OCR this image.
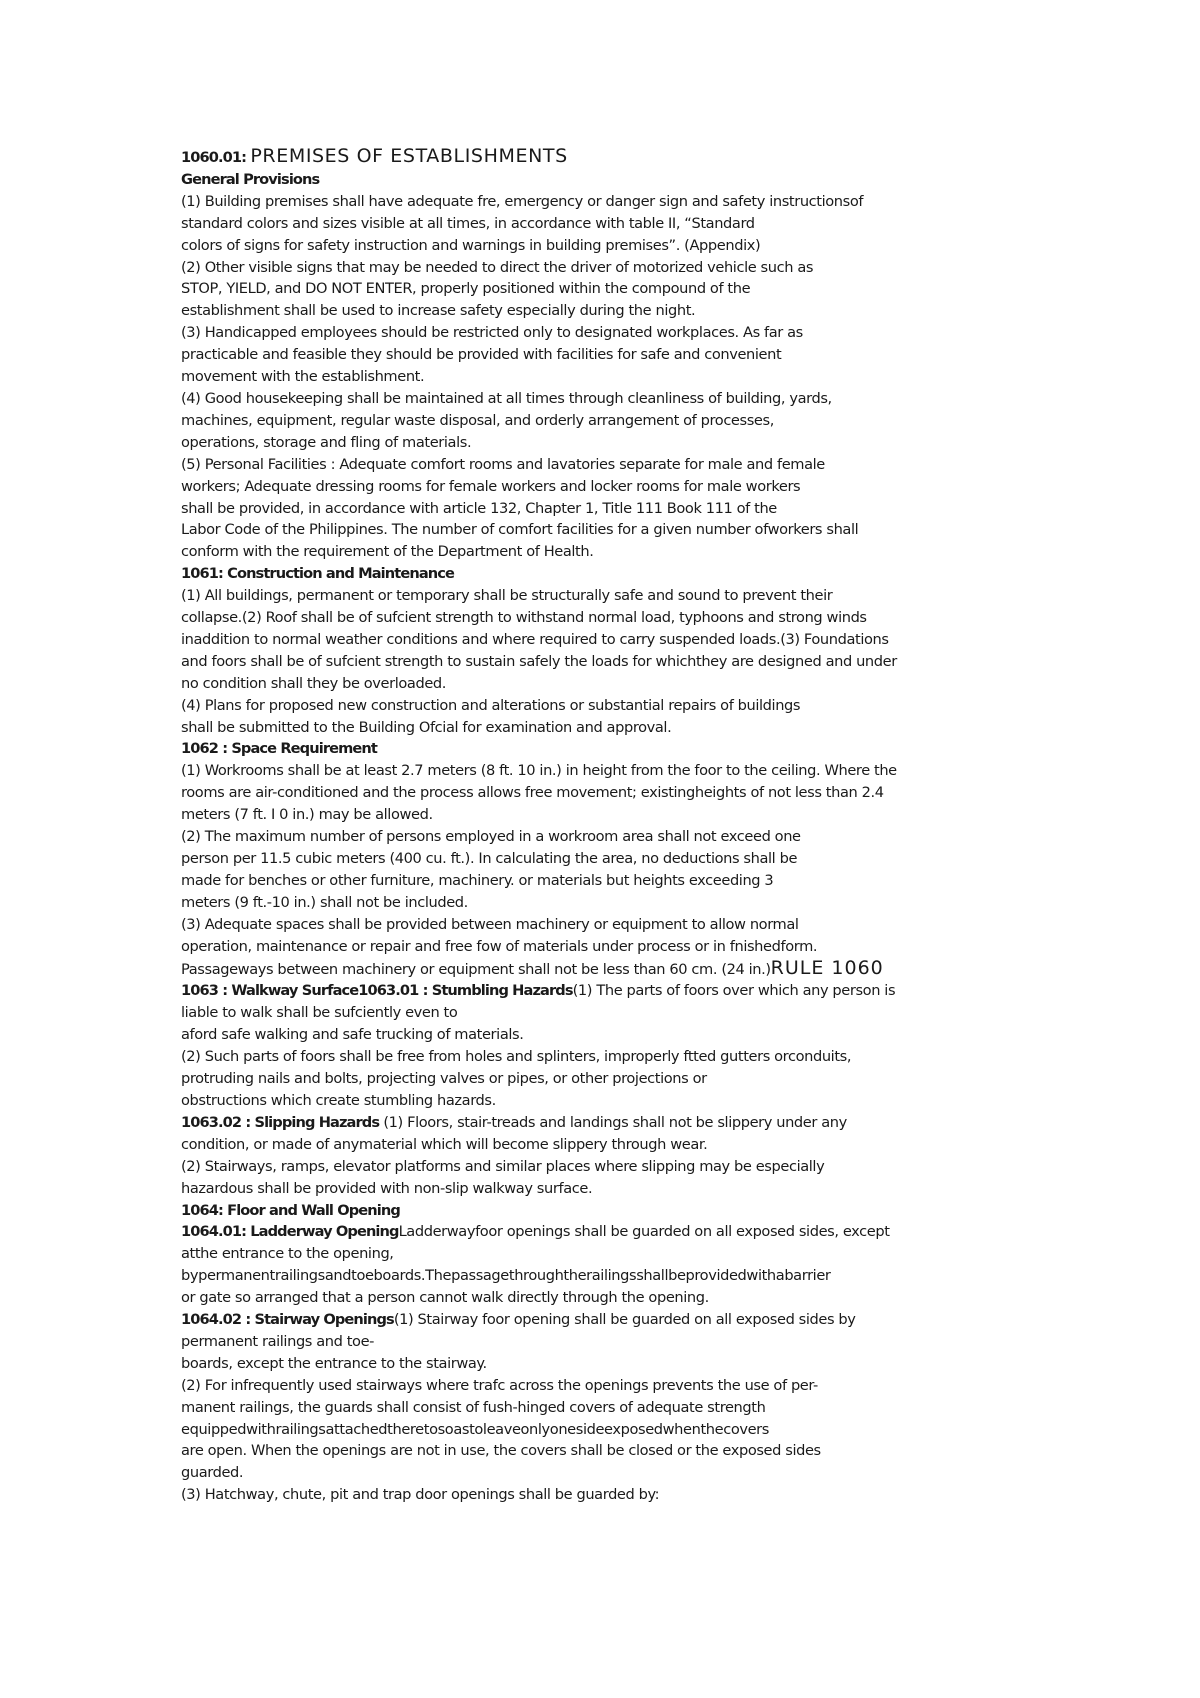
1060.01: PREMISES OF ESTABLISHMENTS
General Provisions
(1) Building premises shall have adequate fre, emergency or danger sign and safety instructionsof
standard colors and sizes visible at all times, in accordance with table II, “Standard
colors of signs for safety instruction and warnings in building premises”. (Appendix)
(2) Other visible signs that may be needed to direct the driver of motorized vehicle such as
STOP, YIELD, and DO NOT ENTER, properly positioned within the compound of the
establishment shall be used to increase safety especially during the night.
(3) Handicapped employees should be restricted only to designated workplaces. As far as
practicable and feasible they should be provided with facilities for safe and convenient
movement with the establishment.
(4) Good housekeeping shall be maintained at all times through cleanliness of building, yards,
machines, equipment, regular waste disposal, and orderly arrangement of processes,
operations, storage and fling of materials.
(5) Personal Facilities : Adequate comfort rooms and lavatories separate for male and female
workers; Adequate dressing rooms for female workers and locker rooms for male workers
shall be provided, in accordance with article 132, Chapter 1, Title 111 Book 111 of the
Labor Code of the Philippines. The number of comfort facilities for a given number ofworkers shall
conform with the requirement of the Department of Health.
1061: Construction and Maintenance
(1) All buildings, permanent or temporary shall be structurally safe and sound to prevent their
collapse.(2) Roof shall be of sufcient strength to withstand normal load, typhoons and strong winds
inaddition to normal weather conditions and where required to carry suspended loads.(3) Foundations
and foors shall be of sufcient strength to sustain safely the loads for whichthey are designed and under
no condition shall they be overloaded.
(4) Plans for proposed new construction and alterations or substantial repairs of buildings
shall be submitted to the Building Ofcial for examination and approval.
1062 : Space Requirement
(1) Workrooms shall be at least 2.7 meters (8 ft. 10 in.) in height from the foor to the ceiling. Where the
rooms are air-conditioned and the process allows free movement; existingheights of not less than 2.4
meters (7 ft. I 0 in.) may be allowed.
(2) The maximum number of persons employed in a workroom area shall not exceed one
person per 11.5 cubic meters (400 cu. ft.). In calculating the area, no deductions shall be
made for benches or other furniture, machinery. or materials but heights exceeding 3
meters (9 ft.-10 in.) shall not be included.
(3) Adequate spaces shall be provided between machinery or equipment to allow normal
operation, maintenance or repair and free fow of materials under process or in fnishedform.
Passageways between machinery or equipment shall not be less than 60 cm. (24 in.)RULE 1060
1063 : Walkway Surface1063.01 : Stumbling Hazards(1) The parts of foors over which any person is
liable to walk shall be sufciently even to
aford safe walking and safe trucking of materials.
(2) Such parts of foors shall be free from holes and splinters, improperly ftted gutters orconduits,
protruding nails and bolts, projecting valves or pipes, or other projections or
obstructions which create stumbling hazards.
1063.02 : Slipping Hazards (1) Floors, stair-treads and landings shall not be slippery under any
condition, or made of anymaterial which will become slippery through wear.
(2) Stairways, ramps, elevator platforms and similar places where slipping may be especially
hazardous shall be provided with non-slip walkway surface.
1064: Floor and Wall Opening
1064.01: Ladderway OpeningLadderwayfoor openings shall be guarded on all exposed sides, except
atthe entrance to the opening,
bypermanentrailingsandtoeboards.Thepassagethroughtherailingsshallbeprovidedwithabarrier
or gate so arranged that a person cannot walk directly through the opening.
1064.02 : Stairway Openings(1) Stairway foor opening shall be guarded on all exposed sides by
permanent railings and toe-
boards, except the entrance to the stairway.
(2) For infrequently used stairways where trafc across the openings prevents the use of per-
manent railings, the guards shall consist of fush-hinged covers of adequate strength
equippedwithrailingsattachedtheretosoastoleaveonlyonesideexposedwhenthecovers
are open. When the openings are not in use, the covers shall be closed or the exposed sides
guarded.
(3) Hatchway, chute, pit and trap door openings shall be guarded by:
